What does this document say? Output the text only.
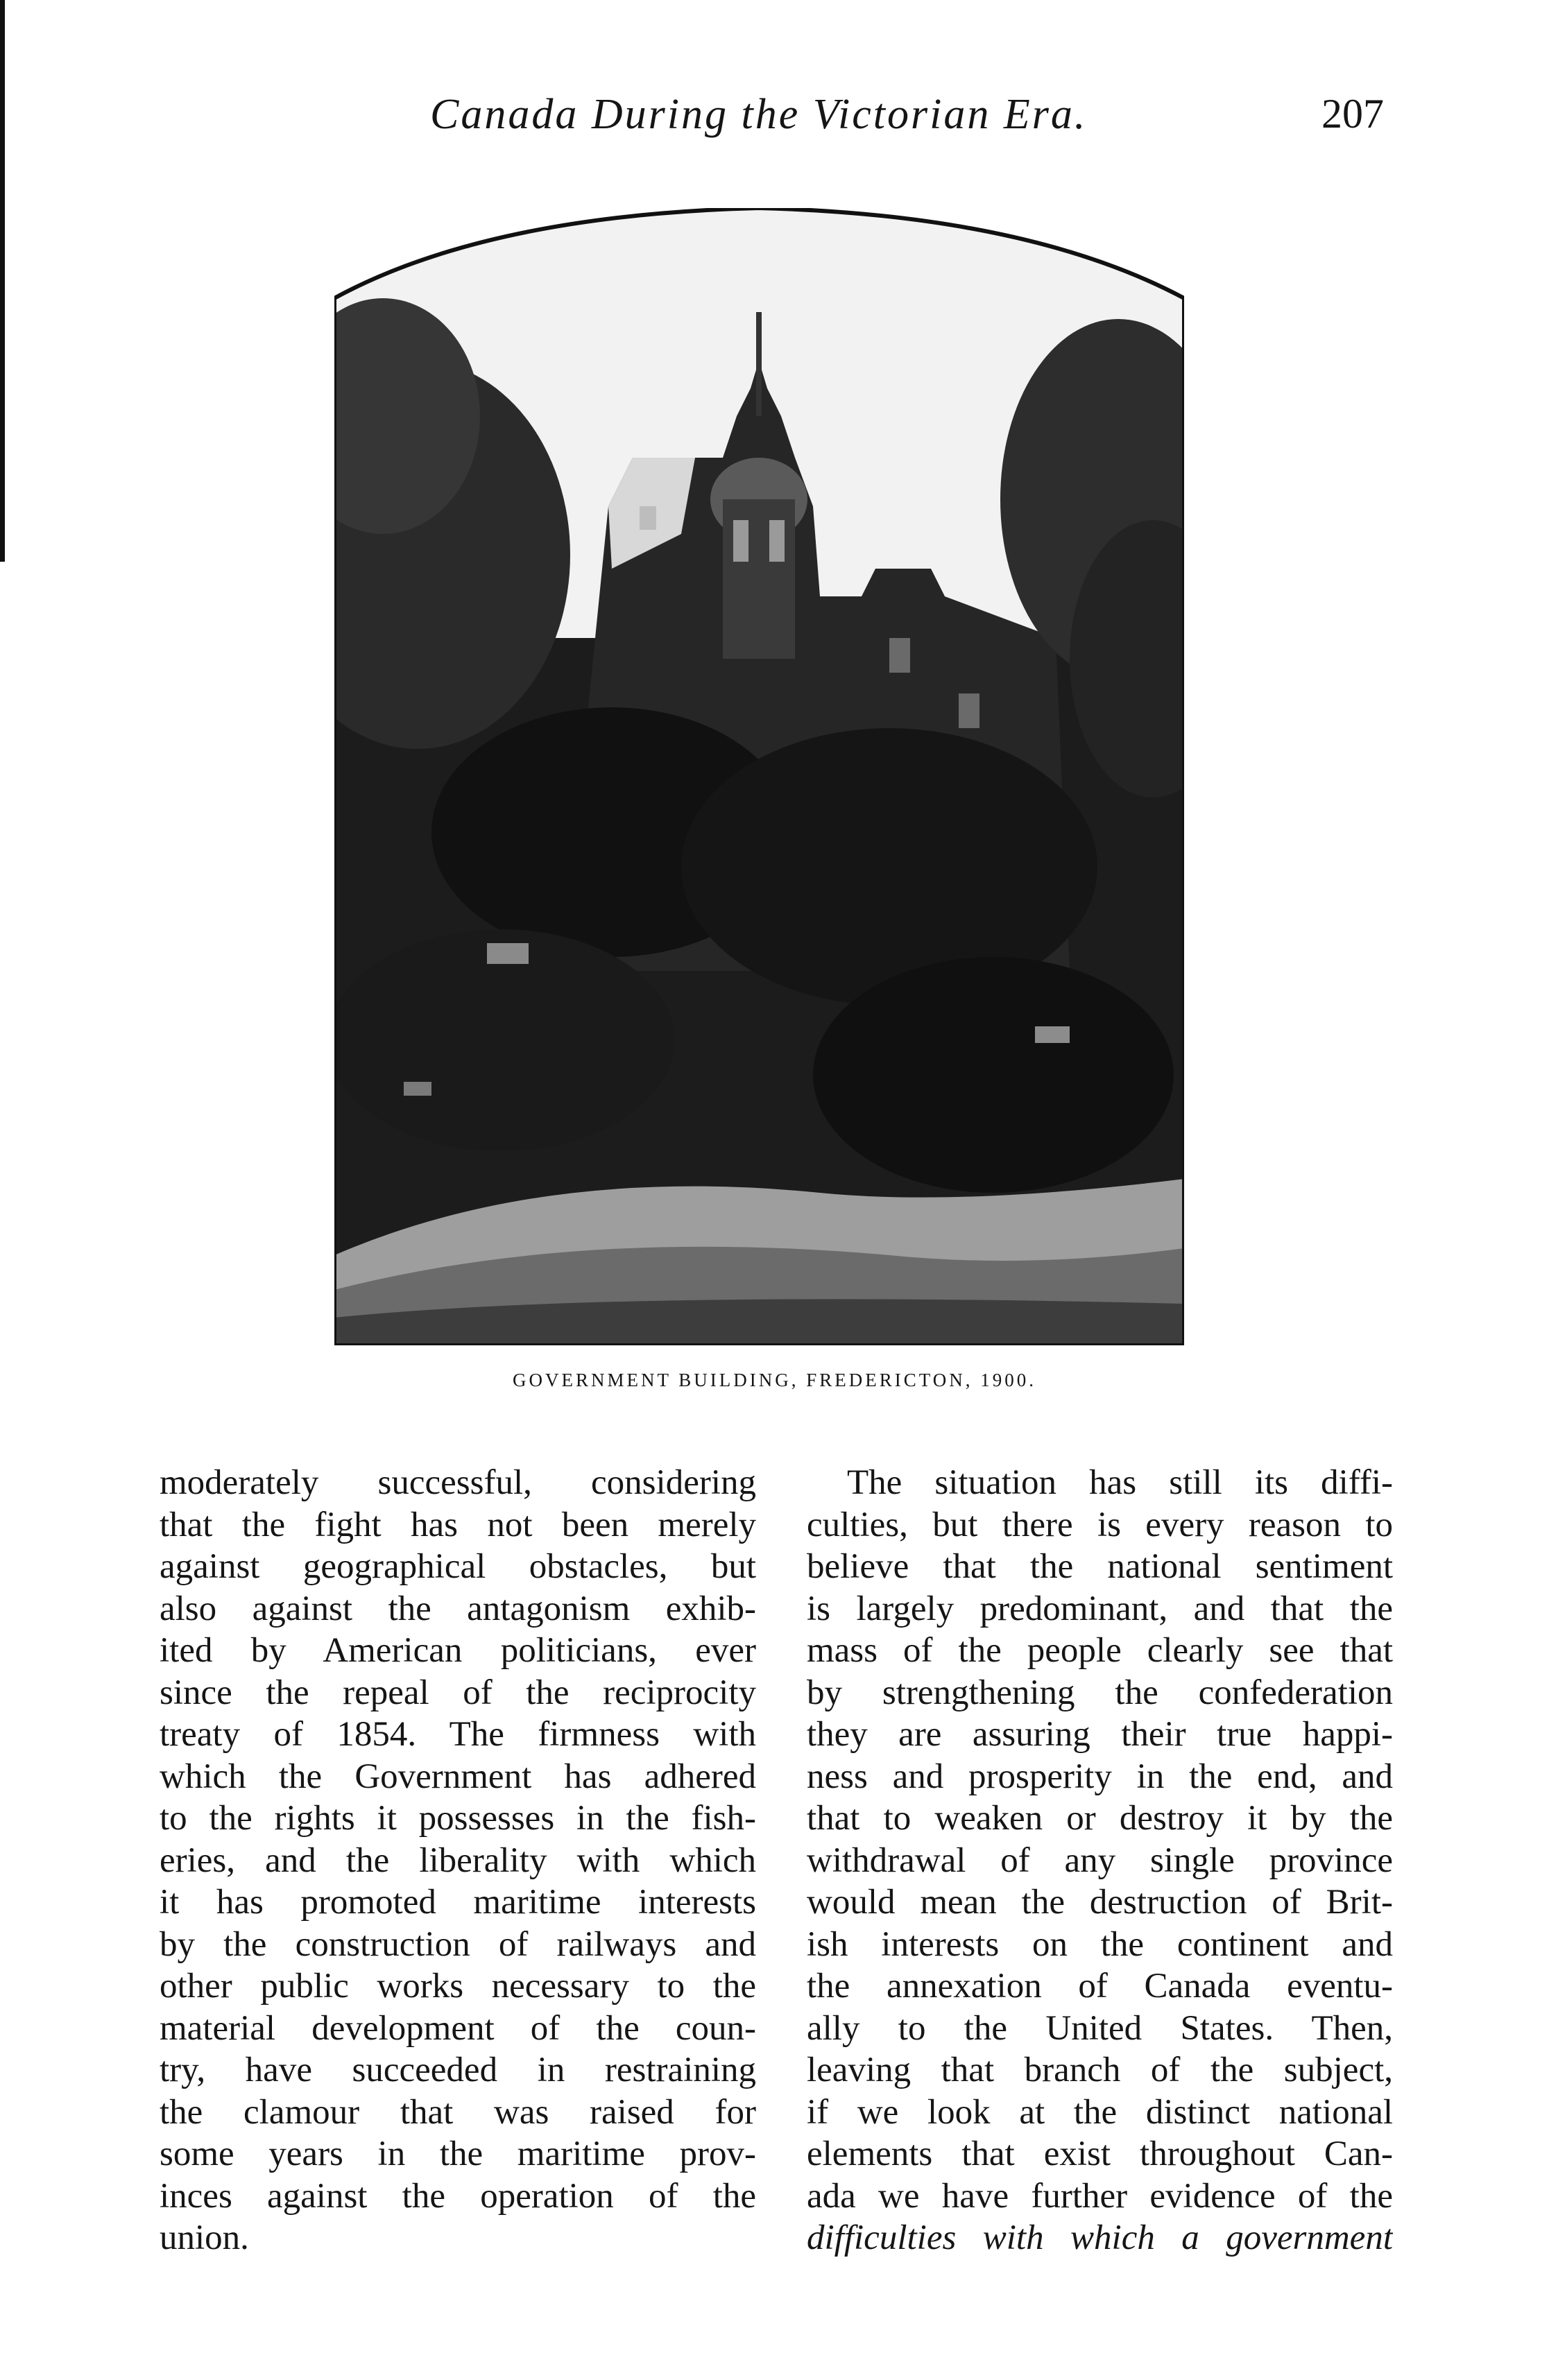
Canada During the Victorian Era.	207
GOVERNMENT BUILDING, FREDERICTON, 1900.
moderately successful, considering
that the fight has not been merely
against geographical obstacles, but
also against the antagonism exhib-
ited by American politicians, ever
since the repeal of the reciprocity
treaty of 1854. The firmness with
which the Government has adhered
to the rights it possesses in the fish-
eries, and the liberality with which
it has promoted maritime interests
by the construction of railways and
other public works necessary to the
material development of the coun-
try, have succeeded in restraining
the clamour that was raised for
some years in the maritime prov-
inces against the operation of the
union.
The situation has still its diffi-
culties, but there is every reason to
believe that the national sentiment
is largely predominant, and that the
mass of the people clearly see that
by strengthening the confederation
they are assuring their true happi-
ness and prosperity in the end, and
that to weaken or destroy it by the
withdrawal of any single province
would mean the destruction of Brit-
ish interests on the continent and
the annexation of Canada eventu-
ally to the United States. Then,
leaving that branch of the subject,
if we look at the distinct national
elements that exist throughout Can-
ada we have further evidence of the
difficulties with which a government
